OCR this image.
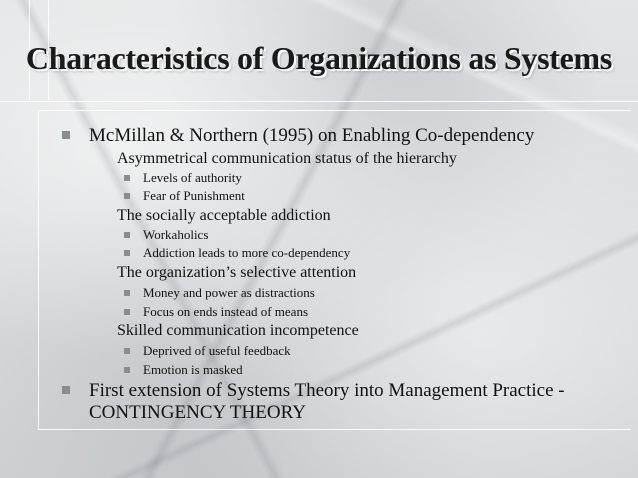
Characteristics of Organizations as Systems
McMillan & Northern (1995) on Enabling Co-dependency
Asymmetrical communication status of the hierarchy
Levels of authority
Fear of Punishment
The socially acceptable addiction
Workaholics
Addiction leads to more co-dependency
The organization’s selective attention
Money and power as distractions
Focus on ends instead of means
Skilled communication incompetence
Deprived of useful feedback
Emotion is masked
First extension of Systems Theory into Management Practice -
CONTINGENCY THEORY
